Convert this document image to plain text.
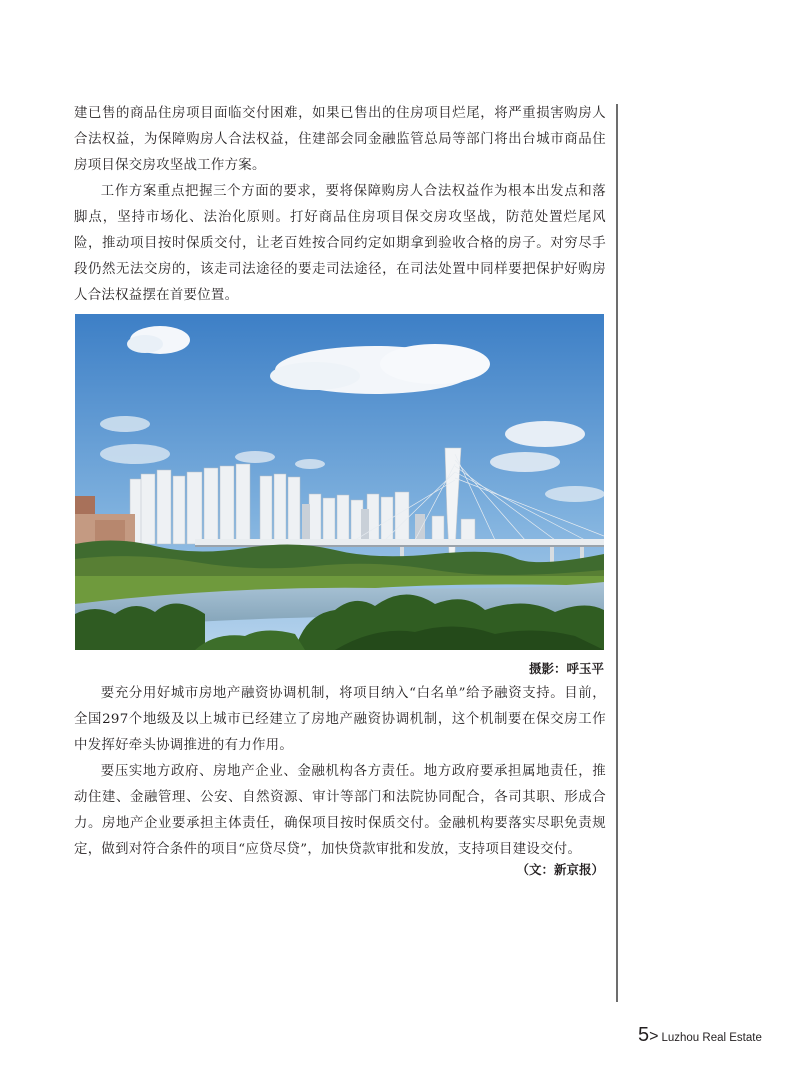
建已售的商品住房项目面临交付困难，如果已售出的住房项目烂尾，将严重损害购房人合法权益，为保障购房人合法权益，住建部会同金融监管总局等部门将出台城市商品住房项目保交房攻坚战工作方案。

工作方案重点把握三个方面的要求，要将保障购房人合法权益作为根本出发点和落脚点，坚持市场化、法治化原则。打好商品住房项目保交房攻坚战，防范处置烂尾风险，推动项目按时保质交付，让老百姓按合同约定如期拿到验收合格的房子。对穷尽手段仍然无法交房的，该走司法途径的要走司法途径，在司法处置中同样要把保护好购房人合法权益摆在首要位置。

摄影：呼玉平

要充分用好城市房地产融资协调机制，将项目纳入“白名单”给予融资支持。目前，全国297个地级及以上城市已经建立了房地产融资协调机制，这个机制要在保交房工作中发挥好牵头协调推进的有力作用。

要压实地方政府、房地产企业、金融机构各方责任。地方政府要承担属地责任，推动住建、金融管理、公安、自然资源、审计等部门和法院协同配合，各司其职、形成合力。房地产企业要承担主体责任，确保项目按时保质交付。金融机构要落实尽职免责规定，做到对符合条件的项目“应贷尽贷”，加快贷款审批和发放，支持项目建设交付。

（文：新京报）
5 > Luzhou Real Estate
